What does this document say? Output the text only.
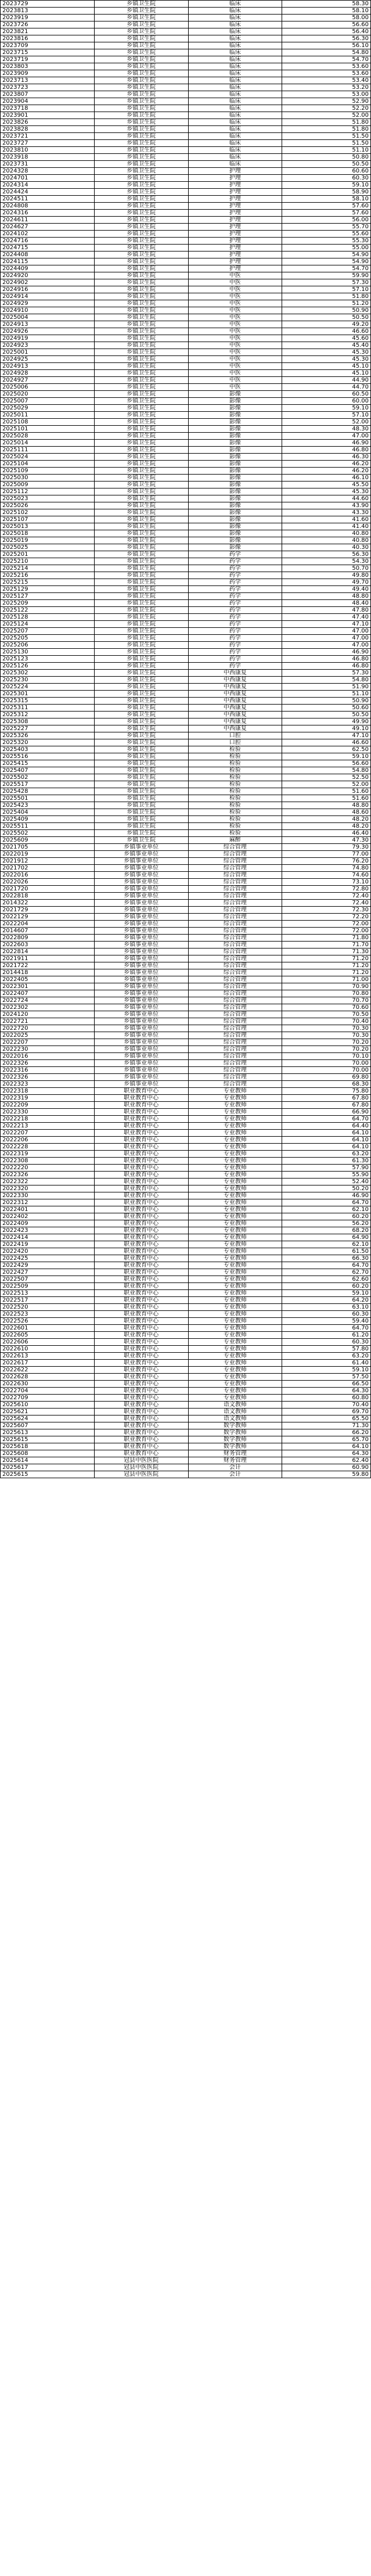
2023729	乡镇卫生院	临床	58.30
2023813	乡镇卫生院	临床	58.10
2023919	乡镇卫生院	临床	58.00
2023726	乡镇卫生院	临床	56.60
2023821	乡镇卫生院	临床	56.40
2023816	乡镇卫生院	临床	56.30
2023709	乡镇卫生院	临床	56.10
2023715	乡镇卫生院	临床	54.80
2023719	乡镇卫生院	临床	54.70
2023803	乡镇卫生院	临床	53.60
2023909	乡镇卫生院	临床	53.60
2023713	乡镇卫生院	临床	53.40
2023723	乡镇卫生院	临床	53.20
2023807	乡镇卫生院	临床	53.00
2023904	乡镇卫生院	临床	52.90
2023718	乡镇卫生院	临床	52.20
2023901	乡镇卫生院	临床	52.00
2023826	乡镇卫生院	临床	51.80
2023828	乡镇卫生院	临床	51.80
2023721	乡镇卫生院	临床	51.50
2023727	乡镇卫生院	临床	51.50
2023810	乡镇卫生院	临床	51.10
2023918	乡镇卫生院	临床	50.80
2023731	乡镇卫生院	临床	50.50
2024328	乡镇卫生院	护理	60.60
2024701	乡镇卫生院	护理	60.30
2024314	乡镇卫生院	护理	59.10
2024424	乡镇卫生院	护理	58.90
2024511	乡镇卫生院	护理	58.10
2024808	乡镇卫生院	护理	57.60
2024316	乡镇卫生院	护理	57.60
2024611	乡镇卫生院	护理	56.00
2024627	乡镇卫生院	护理	55.70
2024102	乡镇卫生院	护理	55.60
2024716	乡镇卫生院	护理	55.30
2024715	乡镇卫生院	护理	55.00
2024408	乡镇卫生院	护理	54.90
2024115	乡镇卫生院	护理	54.90
2024409	乡镇卫生院	护理	54.70
2024920	乡镇卫生院	中医	59.90
2024902	乡镇卫生院	中医	57.30
2024916	乡镇卫生院	中医	57.10
2024914	乡镇卫生院	中医	51.80
2024929	乡镇卫生院	中医	51.20
2024910	乡镇卫生院	中医	50.90
2025004	乡镇卫生院	中医	50.50
2024913	乡镇卫生院	中医	49.20
2024926	乡镇卫生院	中医	46.60
2024919	乡镇卫生院	中医	45.60
2024923	乡镇卫生院	中医	45.40
2025001	乡镇卫生院	中医	45.30
2024925	乡镇卫生院	中医	45.30
2024913	乡镇卫生院	中医	45.10
2024928	乡镇卫生院	中医	45.10
2024927	乡镇卫生院	中医	44.90
2025006	乡镇卫生院	中医	44.70
2025020	乡镇卫生院	影像	60.50
2025007	乡镇卫生院	影像	60.00
2025029	乡镇卫生院	影像	59.10
2025011	乡镇卫生院	影像	57.10
2025108	乡镇卫生院	影像	52.00
2025101	乡镇卫生院	影像	48.30
2025028	乡镇卫生院	影像	47.00
2025014	乡镇卫生院	影像	46.90
2025111	乡镇卫生院	影像	46.80
2025024	乡镇卫生院	影像	46.30
2025104	乡镇卫生院	影像	46.20
2025109	乡镇卫生院	影像	46.20
2025030	乡镇卫生院	影像	46.10
2025009	乡镇卫生院	影像	45.50
2025112	乡镇卫生院	影像	45.30
2025023	乡镇卫生院	影像	44.60
2025026	乡镇卫生院	影像	43.90
2025102	乡镇卫生院	影像	43.30
2025107	乡镇卫生院	影像	41.60
2025013	乡镇卫生院	影像	41.40
2025018	乡镇卫生院	影像	40.80
2025019	乡镇卫生院	影像	40.80
2025025	乡镇卫生院	影像	40.30
2025201	乡镇卫生院	药学	56.30
2025210	乡镇卫生院	药学	54.30
2025214	乡镇卫生院	药学	50.70
2025216	乡镇卫生院	药学	49.80
2025215	乡镇卫生院	药学	49.70
2025129	乡镇卫生院	药学	49.40
2025127	乡镇卫生院	药学	48.80
2025209	乡镇卫生院	药学	48.40
2025122	乡镇卫生院	药学	47.80
2025128	乡镇卫生院	药学	47.40
2025124	乡镇卫生院	药学	47.10
2025207	乡镇卫生院	药学	47.00
2025205	乡镇卫生院	药学	47.00
2025206	乡镇卫生院	药学	47.00
2025130	乡镇卫生院	药学	46.90
2025123	乡镇卫生院	药学	46.80
2025126	乡镇卫生院	药学	46.80
2025302	乡镇卫生院	中西康复	57.30
2025230	乡镇卫生院	中西康复	54.80
2025224	乡镇卫生院	中西康复	51.90
2025301	乡镇卫生院	中西康复	51.10
2025315	乡镇卫生院	中西康复	50.90
2025311	乡镇卫生院	中西康复	50.60
2025312	乡镇卫生院	中西康复	50.50
2025308	乡镇卫生院	中西康复	49.90
2025227	乡镇卫生院	中西康复	49.10
2025326	乡镇卫生院	口腔	47.10
2025320	乡镇卫生院	口腔	46.60
2025403	乡镇卫生院	检验	62.50
2025516	乡镇卫生院	检验	59.10
2025415	乡镇卫生院	检验	56.60
2025407	乡镇卫生院	检验	54.80
2025502	乡镇卫生院	检验	52.50
2025517	乡镇卫生院	检验	52.00
2025428	乡镇卫生院	检验	51.60
2025501	乡镇卫生院	检验	51.60
2025423	乡镇卫生院	检验	48.80
2025404	乡镇卫生院	检验	48.60
2025409	乡镇卫生院	检验	48.20
2025511	乡镇卫生院	检验	48.20
2025502	乡镇卫生院	检验	46.40
2025609	乡镇卫生院	麻醉	47.30
2021705	乡镇事业单位	综合管理	79.30
2022019	乡镇事业单位	综合管理	77.00
2021912	乡镇事业单位	综合管理	76.20
2021702	乡镇事业单位	综合管理	74.80
2022016	乡镇事业单位	综合管理	74.60
2022026	乡镇事业单位	综合管理	73.10
2021720	乡镇事业单位	综合管理	72.80
2022818	乡镇事业单位	综合管理	72.40
2014322	乡镇事业单位	综合管理	72.40
2021729	乡镇事业单位	综合管理	72.30
2022129	乡镇事业单位	综合管理	72.20
2022204	乡镇事业单位	综合管理	72.00
2014607	乡镇事业单位	综合管理	72.00
2022809	乡镇事业单位	综合管理	71.80
2022603	乡镇事业单位	综合管理	71.70
2022814	乡镇事业单位	综合管理	71.30
2021911	乡镇事业单位	综合管理	71.20
2021722	乡镇事业单位	综合管理	71.20
2014418	乡镇事业单位	综合管理	71.20
2022405	乡镇事业单位	综合管理	71.00
2022301	乡镇事业单位	综合管理	70.90
2022407	乡镇事业单位	综合管理	70.80
2022724	乡镇事业单位	综合管理	70.70
2022302	乡镇事业单位	综合管理	70.60
2024120	乡镇事业单位	综合管理	70.50
2022721	乡镇事业单位	综合管理	70.40
2022720	乡镇事业单位	综合管理	70.30
2022025	乡镇事业单位	综合管理	70.30
2022207	乡镇事业单位	综合管理	70.20
2022230	乡镇事业单位	综合管理	70.20
2022016	乡镇事业单位	综合管理	70.10
2022326	乡镇事业单位	综合管理	70.00
2022316	乡镇事业单位	综合管理	70.00
2022326	乡镇事业单位	综合管理	69.80
2022323	乡镇事业单位	综合管理	68.30
2022318	职业教育中心	专业教师	75.80
2022319	职业教育中心	专业教师	67.80
2022209	职业教育中心	专业教师	67.80
2022330	职业教育中心	专业教师	66.90
2022218	职业教育中心	专业教师	64.70
2022213	职业教育中心	专业教师	64.40
2022207	职业教育中心	专业教师	64.10
2022206	职业教育中心	专业教师	64.10
2022228	职业教育中心	专业教师	64.10
2022319	职业教育中心	专业教师	63.20
2022308	职业教育中心	专业教师	61.30
2022220	职业教育中心	专业教师	57.90
2022326	职业教育中心	专业教师	55.90
2022322	职业教育中心	专业教师	52.40
2022320	职业教育中心	专业教师	50.20
2022330	职业教育中心	专业教师	46.90
2022312	职业教育中心	专业教师	64.70
2022401	职业教育中心	专业教师	62.10
2022402	职业教育中心	专业教师	60.20
2022409	职业教育中心	专业教师	56.20
2022423	职业教育中心	专业教师	68.20
2022414	职业教育中心	专业教师	64.90
2022419	职业教育中心	专业教师	62.10
2022420	职业教育中心	专业教师	61.50
2022425	职业教育中心	专业教师	66.30
2022429	职业教育中心	专业教师	64.70
2022427	职业教育中心	专业教师	62.70
2022507	职业教育中心	专业教师	62.60
2022509	职业教育中心	专业教师	60.20
2022513	职业教育中心	专业教师	59.10
2022517	职业教育中心	专业教师	64.20
2022520	职业教育中心	专业教师	63.10
2022523	职业教育中心	专业教师	60.30
2022526	职业教育中心	专业教师	59.40
2022601	职业教育中心	专业教师	64.70
2022605	职业教育中心	专业教师	61.20
2022606	职业教育中心	专业教师	60.30
2022610	职业教育中心	专业教师	57.80
2022613	职业教育中心	专业教师	63.20
2022617	职业教育中心	专业教师	61.40
2022622	职业教育中心	专业教师	59.10
2022628	职业教育中心	专业教师	57.50
2022630	职业教育中心	专业教师	66.50
2022704	职业教育中心	专业教师	64.30
2022709	职业教育中心	专业教师	60.80
2025610	职业教育中心	语文教师	70.40
2025621	职业教育中心	语文教师	69.70
2025624	职业教育中心	语文教师	65.50
2025607	职业教育中心	数学教师	71.30
2025613	职业教育中心	数学教师	66.20
2025615	职业教育中心	数学教师	65.70
2025618	职业教育中心	数学教师	64.10
2025608	职业教育中心	财务管理	64.30
2025614	冠县中医医院	财务管理	62.40
2025617	冠县中医医院	会计	60.90
2025615	冠县中医医院	会计	59.80
